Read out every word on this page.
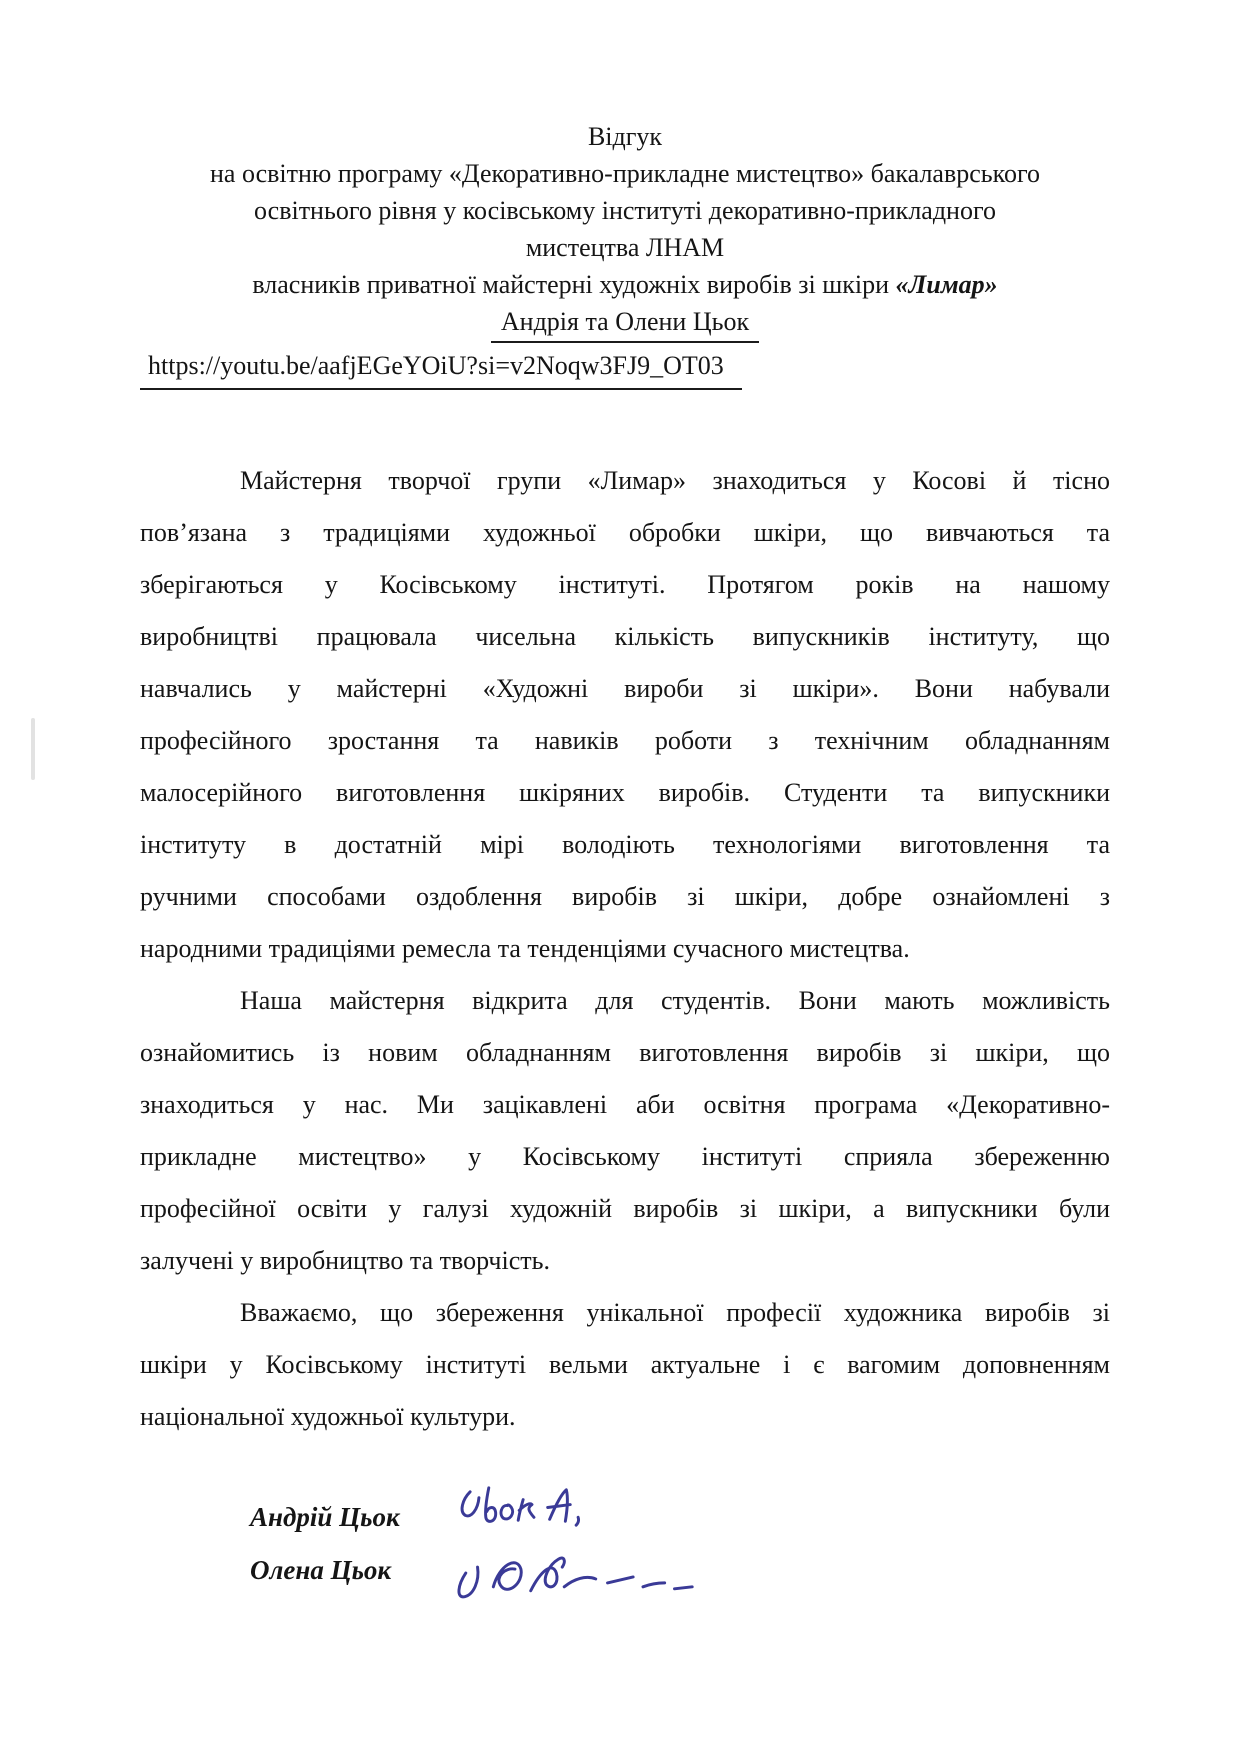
Відгук
на освітню програму «Декоративно-прикладне мистецтво» бакалаврського
освітнього рівня у косівському інституті декоративно-прикладного
мистецтва ЛНАМ
власників приватної майстерні художніх виробів зі шкіри «Лимар»
Андрія та Олени Цьок
https://youtu.be/aafjEGeYOiU?si=v2Noqw3FJ9_OT03
Майстерня творчої групи «Лимар» знаходиться у Косові й тісно
пов’язана з традиціями художньої обробки шкіри, що вивчаються та
зберігаються у Косівському інституті. Протягом років на нашому
виробництві працювала чисельна кількість випускників інституту, що
навчались у майстерні «Художні вироби зі шкіри». Вони набували
професійного зростання та навиків роботи з технічним обладнанням
малосерійного виготовлення шкіряних виробів. Студенти та випускники
інституту в достатній мірі володіють технологіями виготовлення та
ручними способами оздоблення виробів зі шкіри, добре ознайомлені з
народними традиціями ремесла та тенденціями сучасного мистецтва.
Наша майстерня відкрита для студентів. Вони мають можливість
ознайомитись із новим обладнанням виготовлення виробів зі шкіри, що
знаходиться у нас. Ми зацікавлені аби освітня програма «Декоративно-
прикладне мистецтво» у Косівському інституті сприяла збереженню
професійної освіти у галузі художній виробів зі шкіри, а випускники були
залучені у виробництво та творчість.
Вважаємо, що збереження унікальної професії художника виробів зі
шкіри у Косівському інституті вельми актуальне і є вагомим доповненням
національної художньої культури.
Андрій Цьок
Олена Цьок
